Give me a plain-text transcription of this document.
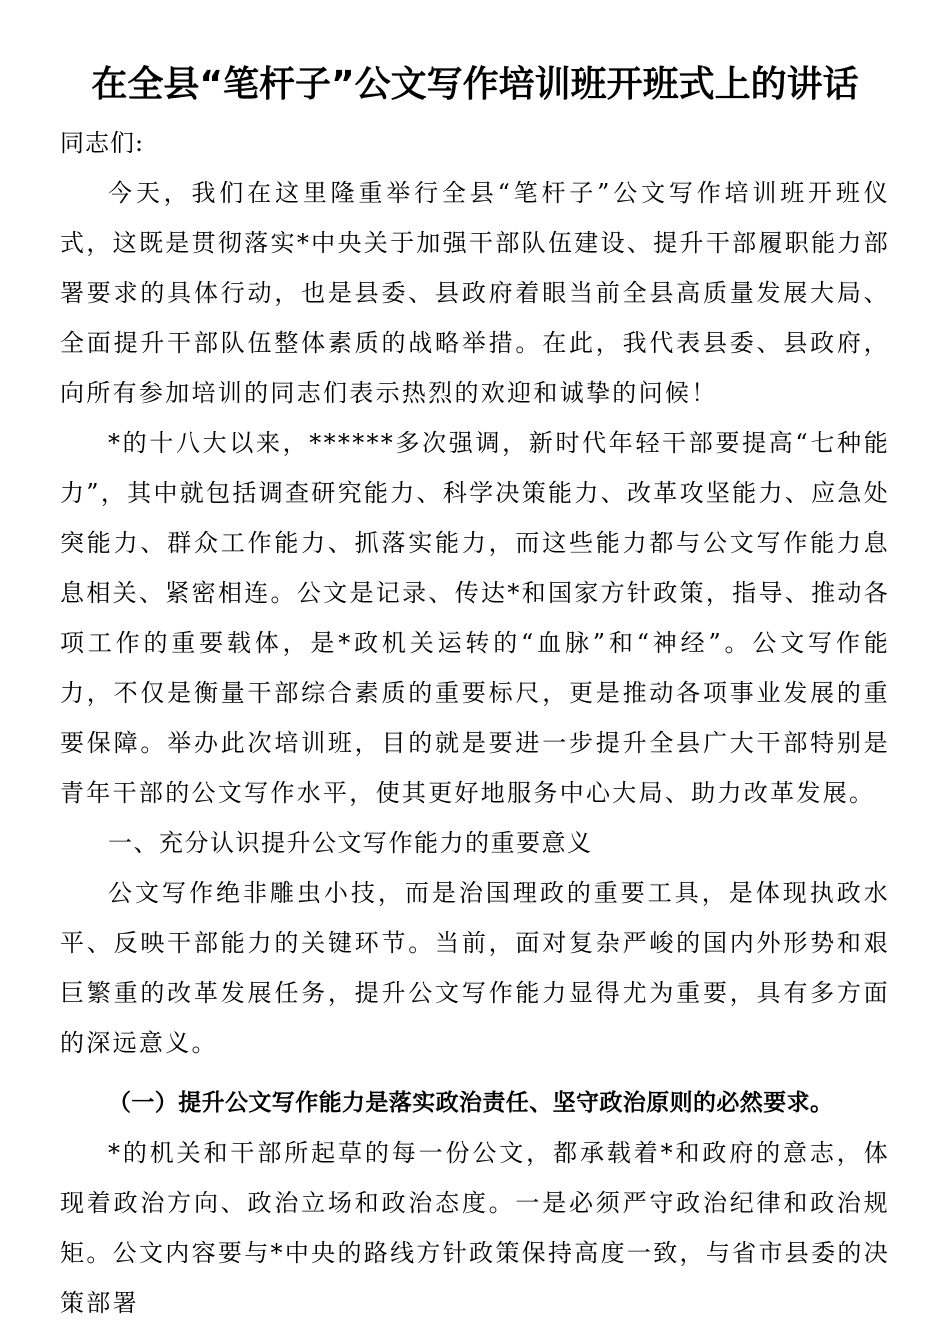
在全县“笔杆子”公文写作培训班开班式上的讲话

同志们:

今天，我们在这里隆重举行全县“笔杆子”公文写作培训班开班仪式，这既是贯彻落实*中央关于加强干部队伍建设、提升干部履职能力部署要求的具体行动，也是县委、县政府着眼当前全县高质量发展大局、全面提升干部队伍整体素质的战略举措。在此，我代表县委、县政府，向所有参加培训的同志们表示热烈的欢迎和诚挚的问候！

*的十八大以来，******多次强调，新时代年轻干部要提高“七种能力”，其中就包括调查研究能力、科学决策能力、改革攻坚能力、应急处突能力、群众工作能力、抓落实能力，而这些能力都与公文写作能力息息相关、紧密相连。公文是记录、传达*和国家方针政策，指导、推动各项工作的重要载体，是*政机关运转的“血脉”和“神经”。公文写作能力，不仅是衡量干部综合素质的重要标尺，更是推动各项事业发展的重要保障。举办此次培训班，目的就是要进一步提升全县广大干部特别是青年干部的公文写作水平，使其更好地服务中心大局、助力改革发展。

一、充分认识提升公文写作能力的重要意义

公文写作绝非雕虫小技，而是治国理政的重要工具，是体现执政水平、反映干部能力的关键环节。当前，面对复杂严峻的国内外形势和艰巨繁重的改革发展任务，提升公文写作能力显得尤为重要，具有多方面的深远意义。

（一）提升公文写作能力是落实政治责任、坚守政治原则的必然要求。

*的机关和干部所起草的每一份公文，都承载着*和政府的意志，体现着政治方向、政治立场和政治态度。一是必须严守政治纪律和政治规矩。公文内容要与*中央的路线方针政策保持高度一致，与省市县委的决策部署
